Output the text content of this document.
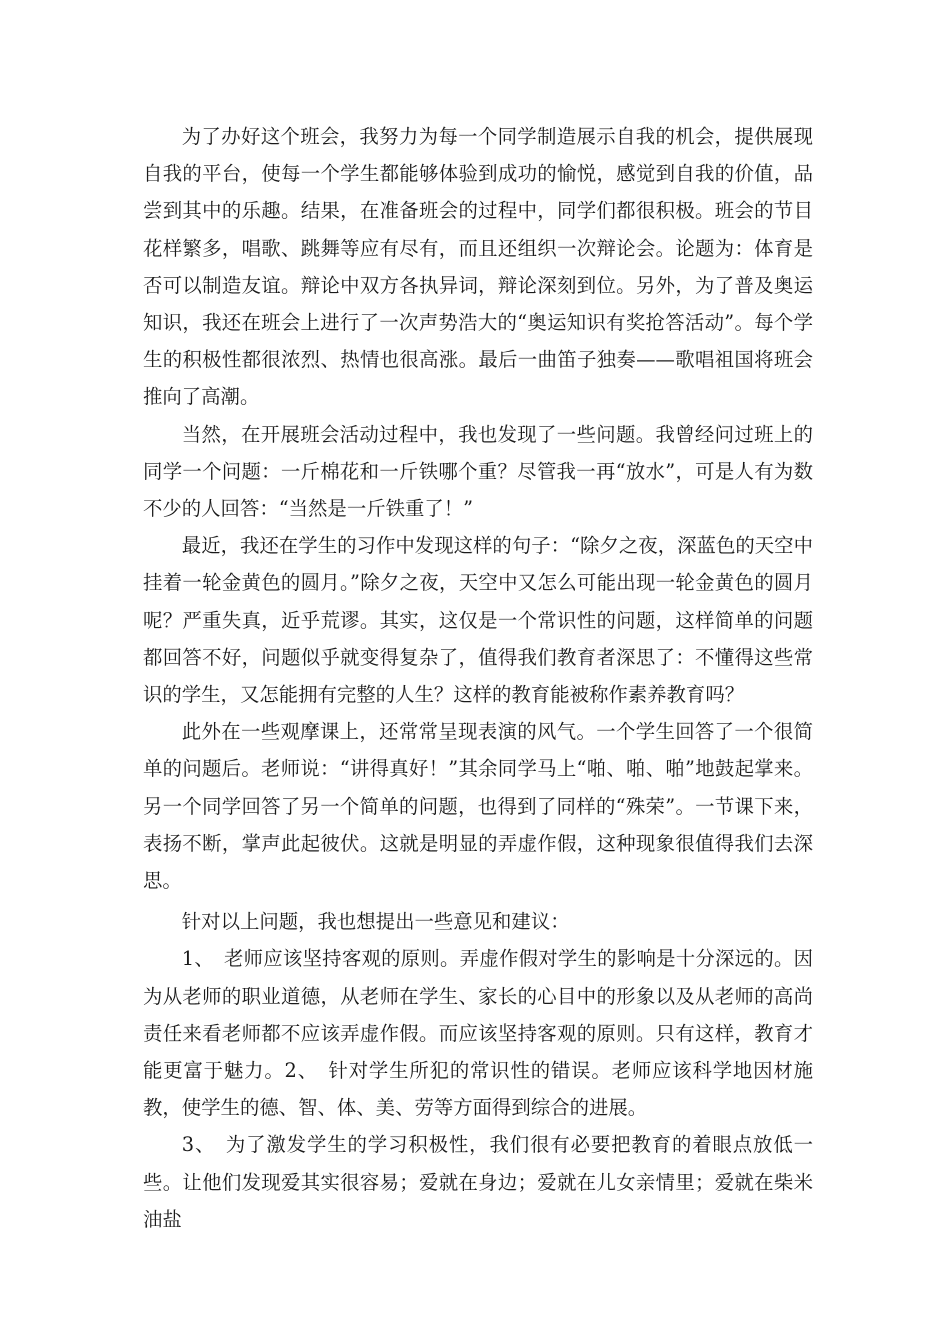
为了办好这个班会，我努力为每一个同学制造展示自我的机会，提供展现自我的平台，使每一个学生都能够体验到成功的愉悦，感觉到自我的价值，品尝到其中的乐趣。结果，在准备班会的过程中，同学们都很积极。班会的节目花样繁多，唱歌、跳舞等应有尽有，而且还组织一次辩论会。论题为：体育是否可以制造友谊。辩论中双方各执异词，辩论深刻到位。另外，为了普及奥运知识，我还在班会上进行了一次声势浩大的“奥运知识有奖抢答活动”。每个学生的积极性都很浓烈、热情也很高涨。最后一曲笛子独奏——歌唱祖国将班会推向了高潮。

当然，在开展班会活动过程中，我也发现了一些问题。我曾经问过班上的同学一个问题：一斤棉花和一斤铁哪个重？尽管我一再“放水”，可是人有为数不少的人回答：“当然是一斤铁重了！”

最近，我还在学生的习作中发现这样的句子：“除夕之夜，深蓝色的天空中挂着一轮金黄色的圆月。”除夕之夜，天空中又怎么可能出现一轮金黄色的圆月呢？严重失真，近乎荒谬。其实，这仅是一个常识性的问题，这样简单的问题都回答不好，问题似乎就变得复杂了，值得我们教育者深思了：不懂得这些常识的学生，又怎能拥有完整的人生？这样的教育能被称作素养教育吗？

此外在一些观摩课上，还常常呈现表演的风气。一个学生回答了一个很简单的问题后。老师说：“讲得真好！”其余同学马上“啪、啪、啪”地鼓起掌来。另一个同学回答了另一个简单的问题，也得到了同样的“殊荣”。一节课下来，表扬不断，掌声此起彼伏。这就是明显的弄虚作假，这种现象很值得我们去深思。

针对以上问题，我也想提出一些意见和建议：

1、　老师应该坚持客观的原则。弄虚作假对学生的影响是十分深远的。因为从老师的职业道德，从老师在学生、家长的心目中的形象以及从老师的高尚责任来看老师都不应该弄虚作假。而应该坚持客观的原则。只有这样，教育才能更富于魅力。2、　针对学生所犯的常识性的错误。老师应该科学地因材施教，使学生的德、智、体、美、劳等方面得到综合的进展。

3、　为了激发学生的学习积极性，我们很有必要把教育的着眼点放低一些。让他们发现爱其实很容易；爱就在身边；爱就在儿女亲情里；爱就在柴米油盐
